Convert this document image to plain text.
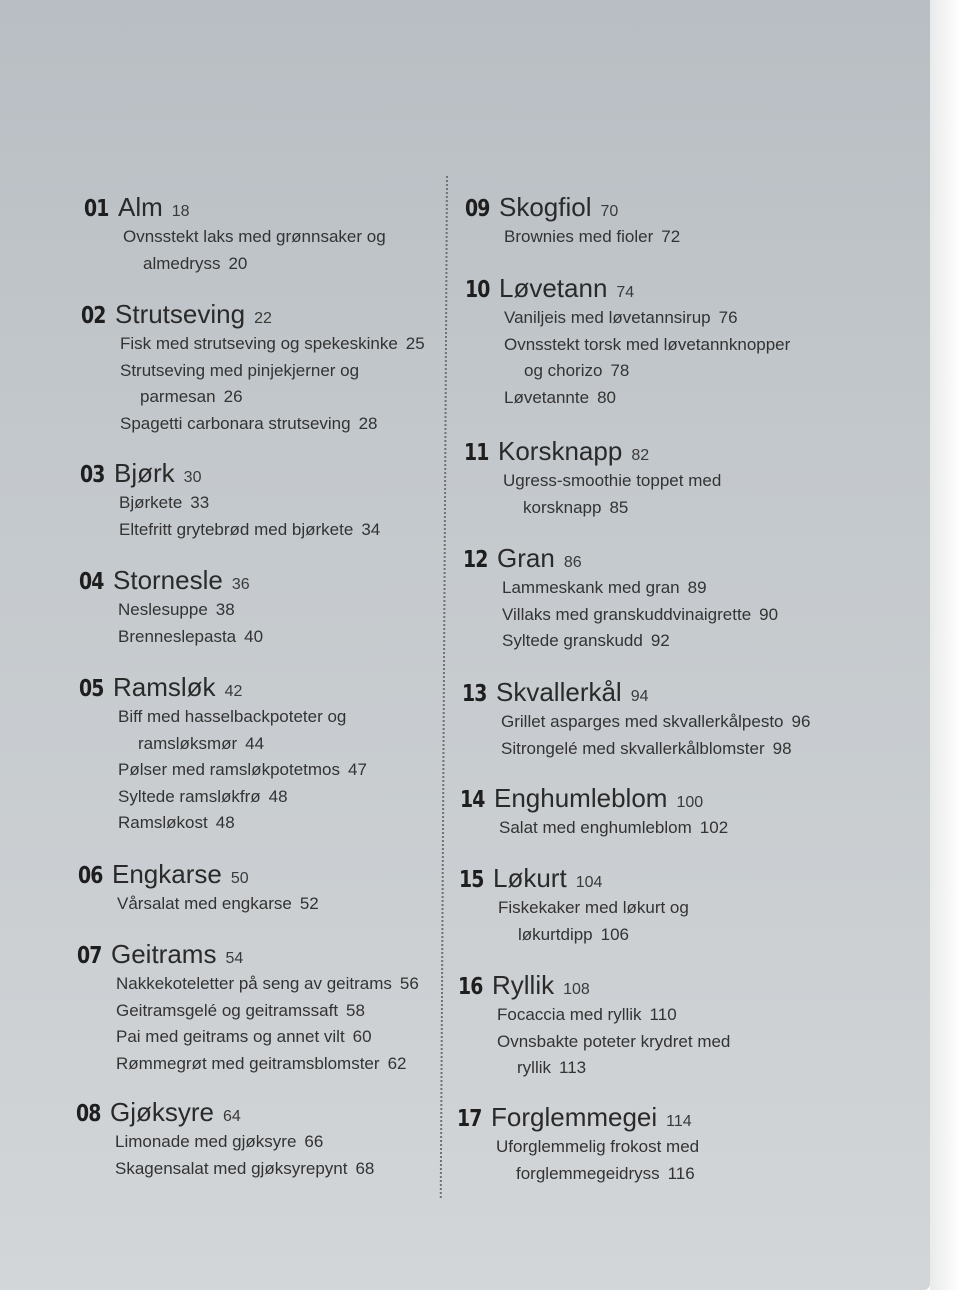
01 Alm 18
Ovnsstekt laks med grønnsaker og
almedryss 20
02 Strutseving 22
Fisk med strutseving og spekeskinke 25
Strutseving med pinjekjerner og
parmesan 26
Spagetti carbonara strutseving 28
03 Bjørk 30
Bjørkete 33
Eltefritt grytebrød med bjørkete 34
04 Stornesle 36
Neslesuppe 38
Brenneslepasta 40
05 Ramsløk 42
Biff med hasselbackpoteter og
ramsløksmør 44
Pølser med ramsløkpotetmos 47
Syltede ramsløkfrø 48
Ramsløkost 48
06 Engkarse 50
Vårsalat med engkarse 52
07 Geitrams 54
Nakkekoteletter på seng av geitrams 56
Geitramsgelé og geitramssaft 58
Pai med geitrams og annet vilt 60
Rømmegrøt med geitramsblomster 62
08 Gjøksyre 64
Limonade med gjøksyre 66
Skagensalat med gjøksyrepynt 68
09 Skogfiol 70
Brownies med fioler 72
10 Løvetann 74
Vaniljeis med løvetannsirup 76
Ovnsstekt torsk med løvetannknopper
og chorizo 78
Løvetannte 80
11 Korsknapp 82
Ugress-smoothie toppet med
korsknapp 85
12 Gran 86
Lammeskank med gran 89
Villaks med granskuddvinaigrette 90
Syltede granskudd 92
13 Skvallerkål 94
Grillet asparges med skvallerkålpesto 96
Sitrongelé med skvallerkålblomster 98
14 Enghumleblom 100
Salat med enghumleblom 102
15 Løkurt 104
Fiskekaker med løkurt og
løkurtdipp 106
16 Ryllik 108
Focaccia med ryllik 110
Ovnsbakte poteter krydret med
ryllik 113
17 Forglemmegei 114
Uforglemmelig frokost med
forglemmegeidryss 116
